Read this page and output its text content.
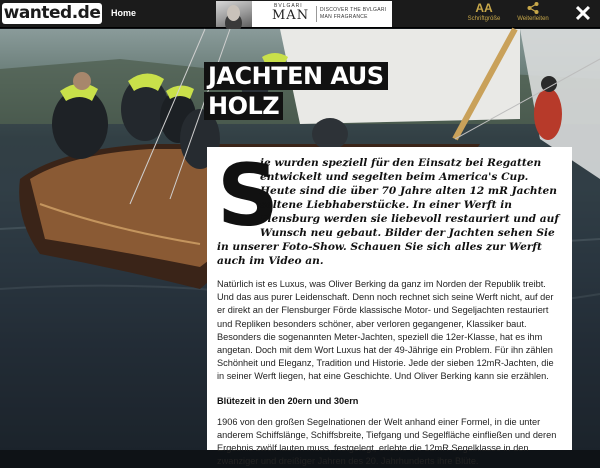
wanted.de Home
BVLGARI
MAN DISCOVER THE BVLGARI MAN FRAGRANCE
AA
Schriftgröße	Weiterleiten ✕
JACHTEN AUS
HOLZ
S
ie wurden speziell für den Einsatz bei Regatten entwickelt und segelten beim America's Cup. Heute sind die über 70 Jahre alten 12 mR Jachten seltene Liebhaberstücke. In einer Werft in Flensburg werden sie liebevoll restauriert und auf Wunsch neu gebaut. Bilder der Jachten sehen Sie in unserer Foto-Show. Schauen Sie sich alles zur Werft auch im Video an.

Natürlich ist es Luxus, was Oliver Berking da ganz im Norden der Republik treibt. Und das aus purer Leidenschaft. Denn noch rechnet sich seine Werft nicht, auf der er direkt an der Flensburger Förde klassische Motor- und Segeljachten restauriert und Repliken besonders schöner, aber verloren gegangener, Klassiker baut. Besonders die sogenannten Meter-Jachten, speziell die 12er-Klasse, hat es ihm angetan. Doch mit dem Wort Luxus hat der 49-Jährige ein Problem. Für ihn zählen Schönheit und Eleganz, Tradition und Historie. Jede der sieben 12mR-Jachten, die in seiner Werft liegen, hat eine Geschichte. Und Oliver Berking kann sie erzählen.

Blütezeit in den 20ern und 30ern

1906 von den großen Segelnationen der Welt anhand einer Formel, in die unter anderem Schiffslänge, Schiffsbreite, Tiefgang und Segelfläche einfließen und deren Ergebnis zwölf lauten muss, festgelegt, erlebte die 12mR Segelklasse in den zwanziger und dreißiger Jahren des 20. Jahrhunderts ihre Blüte.
